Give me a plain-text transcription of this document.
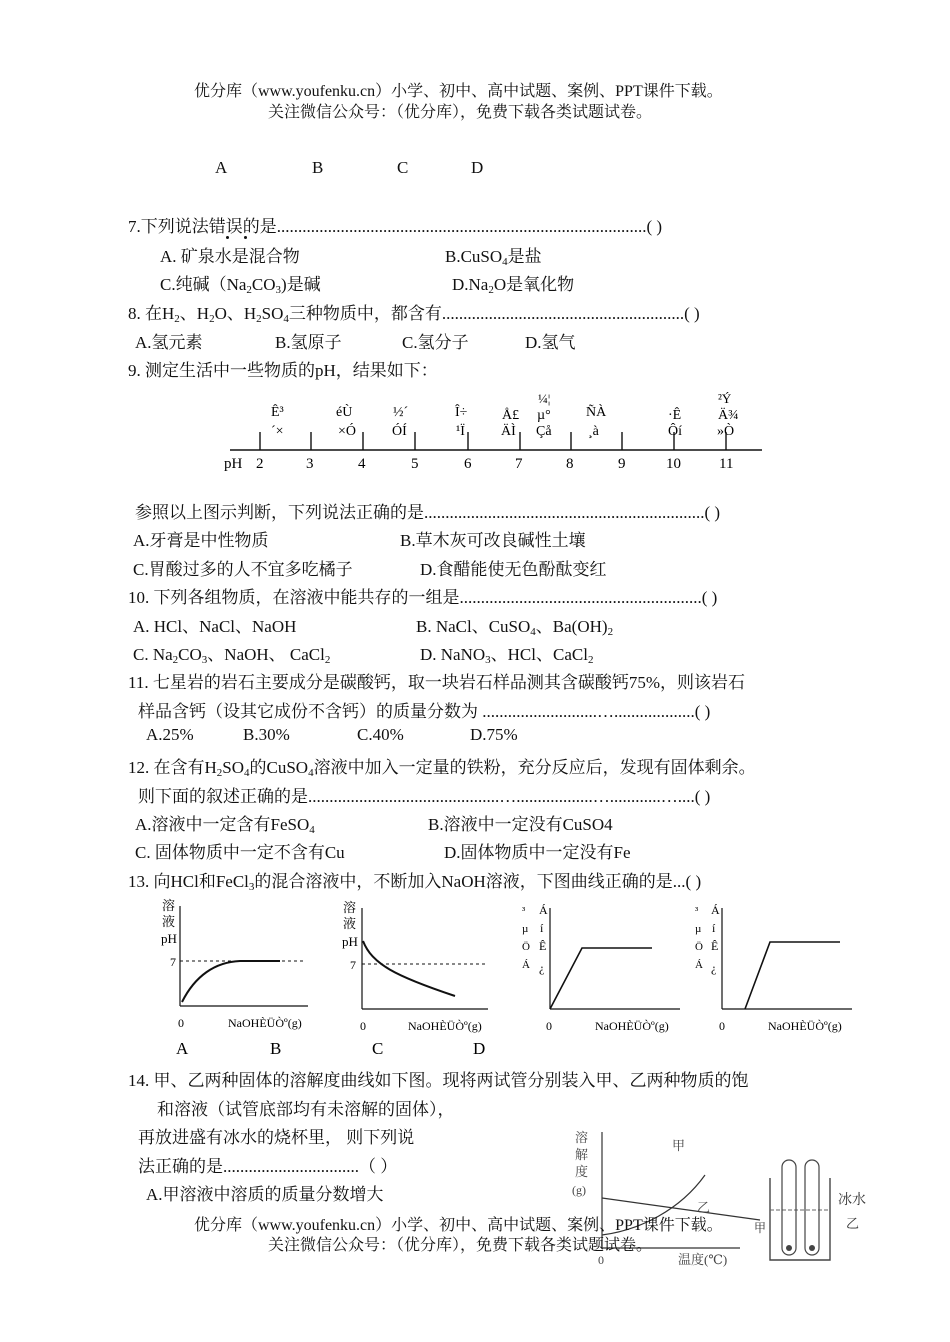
优分库（www.youfenku.cn）小学、初中、高中试题、案例、PPT课件下载。
关注微信公众号：（优分库），免费下载各类试题试卷。
A	B	C	D
7.下列说法错误的是.......................................................................................( )
A. 矿泉水是混合物	B.CuSO$_4$是盐
C.纯碱$(Na_2CO_3)$是碱	$D.Na_2O$是氧化物
8. 在$H_2$、$H_2O$、$H_2SO_4$三种物质中，都含有.........................................................( )
A.氢元素	B.氢原子	C.氢分子	D.氢气
9. 测定生活中一些物质的pH，结果如下：
pH 2	3	4	5	6	7	8	9	10	11
Ê³
´×
éÙ
×Ó
½´
ÓÍ
Î÷
¹Ï
Å£
ÄÌ
¼¦
µ°
Çå
ÑÀ
¸à
·Ê
Ôí
²Ý
Ä¾
»Ò
参照以上图示判断，下列说法正确的是..................................................................( )
A.牙膏是中性物质	B.草木灰可改良碱性土壤
C.胃酸过多的人不宜多吃橘子	D.食醋能使无色酚酞变红
10. 下列各组物质，在溶液中能共存的一组是.........................................................( )
A. HCl、NaCl、NaOH	B. NaCl、CuSO$_4$、$Ba(OH)_2$
C. $Na_2CO_3$、NaOH、 CaCl$_2$	D. NaNO$_3$、HCl、CaCl$_2$
11. 七星岩的岩石主要成分是碳酸钙，取一块岩石样品测其含碳酸钙75%，则该岩石
样品含钙（设其它成份不含钙）的质量分数为 ...........................…...................( )
A.25%	B.30%	C.40%	D.75%
12. 在含有$H_2SO_4$的CuSO$_4$溶液中加入一定量的铁粉，充分反应后，发现有固体剩余。
则下面的叙述正确的是.............................................…..................…............…....( )
A.溶液中一定含有FeSO$_4$	B.溶液中一定没有CuSO4
C. 固体物质中一定不含有Cu	D.固体物质中一定没有Fe
13. 向HCl和FeCl$_3$的混合溶液中，不断加入NaOH溶液，下图曲线正确的是...( )
溶
液
pH
7
0	NaOHÈÜÒº(g)
A
溶
液
pH
7
0	NaOHÈÜÒº(g)
C
B
³ Á
µ í
Ö Ê
Á ¿
0	NaOHÈÜÒº(g)
D
³ Á
µ í
Ö Ê
Á ¿
0	NaOHÈÜÒº(g)
14. 甲、乙两种固体的溶解度曲线如下图。现将两试管分别装入甲、乙两种物质的饱
和溶液（试管底部均有未溶解的固体），
再放进盛有冰水的烧杯里， 则下列说
法正确的是................................（ ）
A.甲溶液中溶质的质量分数增大
溶
解
度
(g)
甲
乙
0	温度(℃)
冰水
甲	乙
优分库（www.youfenku.cn）小学、初中、高中试题、案例、PPT课件下载。
关注微信公众号：（优分库），免费下载各类试题试卷。
